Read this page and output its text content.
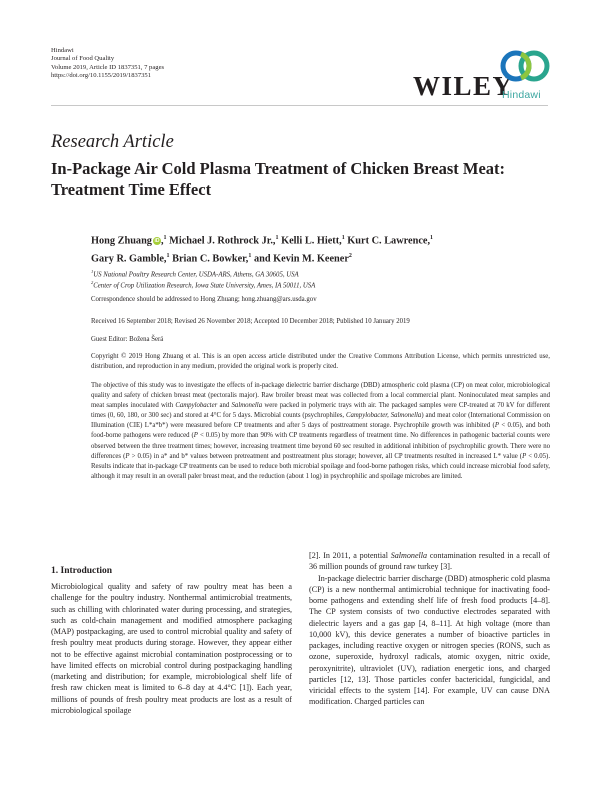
Hindawi
Journal of Food Quality
Volume 2019, Article ID 1837351, 7 pages
https://doi.org/10.1155/2019/1837351	WILEY
Hindawi
Research Article
In-Package Air Cold Plasma Treatment of Chicken Breast Meat: Treatment Time Effect
Hong Zhuang iD ,$^1$ Michael J. Rothrock Jr.,$^1$ Kelli L. Hiett,$^1$ Kurt C. Lawrence,$^1$
Gary R. Gamble,$^1$ Brian C. Bowker,$^1$ and Kevin M. Keener$^2$
$^1$US National Poultry Research Center, USDA-ARS, Athens, GA 30605, USA
$^2$Center of Crop Utilization Research, Iowa State University, Ames, IA 50011, USA
Correspondence should be addressed to Hong Zhuang; hong.zhuang@ars.usda.gov
Received 16 September 2018; Revised 26 November 2018; Accepted 10 December 2018; Published 10 January 2019
Guest Editor: Božena Šerá
Copyright © 2019 Hong Zhuang et al. This is an open access article distributed under the Creative Commons Attribution License, which permits unrestricted use, distribution, and reproduction in any medium, provided the original work is properly cited.
The objective of this study was to investigate the effects of in-package dielectric barrier discharge (DBD) atmospheric cold plasma (CP) on meat color, microbiological quality and safety of chicken breast meat (pectoralis major). Raw broiler breast meat was collected from a local commercial plant. Noninoculated meat samples and meat samples inoculated with Campylobacter and Salmonella were packed in polymeric trays with air. The packaged samples were CP-treated at 70 kV for different times (0, 60, 180, or 300 sec) and stored at 4°C for 5 days. Microbial counts (psychrophiles, Campylobacter, Salmonella) and meat color (International Commission on Illumination (CIE) L*a*b*) were measured before CP treatments and after 5 days of posttreatment storage. Psychrophile growth was inhibited (P < 0.05), and both food-borne pathogens were reduced (P < 0.05) by more than 90% with CP treatments regardless of treatment time. No differences in pathogenic bacterial counts were observed between the three treatment times; however, increasing treatment time beyond 60 sec resulted in additional inhibition of psychrophilic growth. There were no differences (P > 0.05) in a* and b* values between pretreatment and posttreatment plus storage; however, all CP treatments resulted in increased L* value (P < 0.05). Results indicate that in-package CP treatments can be used to reduce both microbial spoilage and food-borne pathogen risks, which could increase microbial food safety, although it may result in an overall paler breast meat, and the reduction (about 1 log) in psychrophilic and spoilage microbes are limited.
1. Introduction

Microbiological quality and safety of raw poultry meat has been a challenge for the poultry industry. Nonthermal antimicrobial treatments, such as chilling with chlorinated water during processing, and strategies, such as cold-chain management and modified atmosphere packaging (MAP) postpackaging, are used to control microbial quality and safety of fresh poultry meat products during storage. However, they appear either not to be effective against microbial contamination postprocessing or to have limited effects on microbial control during postpackaging handling (marketing and distribution; for example, microbiological shelf life of fresh raw chicken meat is limited to 6–8 day at 4.4°C [1]). Each year, millions of pounds of fresh poultry meat products are lost as a result of microbiological spoilage

[2]. In 2011, a potential Salmonella contamination resulted in a recall of 36 million pounds of ground raw turkey [3].

In-package dielectric barrier discharge (DBD) atmospheric cold plasma (CP) is a new nonthermal antimicrobial technique for inactivating food-borne pathogens and extending shelf life of fresh food products [4–8]. The CP system consists of two conductive electrodes separated with dielectric layers and a gas gap [4, 8–11]. At high voltage (more than 10,000 kV), this device generates a number of bioactive particles in packages, including reactive oxygen or nitrogen species (RONS, such as ozone, superoxide, hydroxyl radicals, atomic oxygen, nitric oxide, peroxynitrite), ultraviolet (UV), radiation energetic ions, and charged particles [12, 13]. Those particles confer bactericidal, fungicidal, and viricidal effects to the system [14]. For example, UV can cause DNA modification. Charged particles can
